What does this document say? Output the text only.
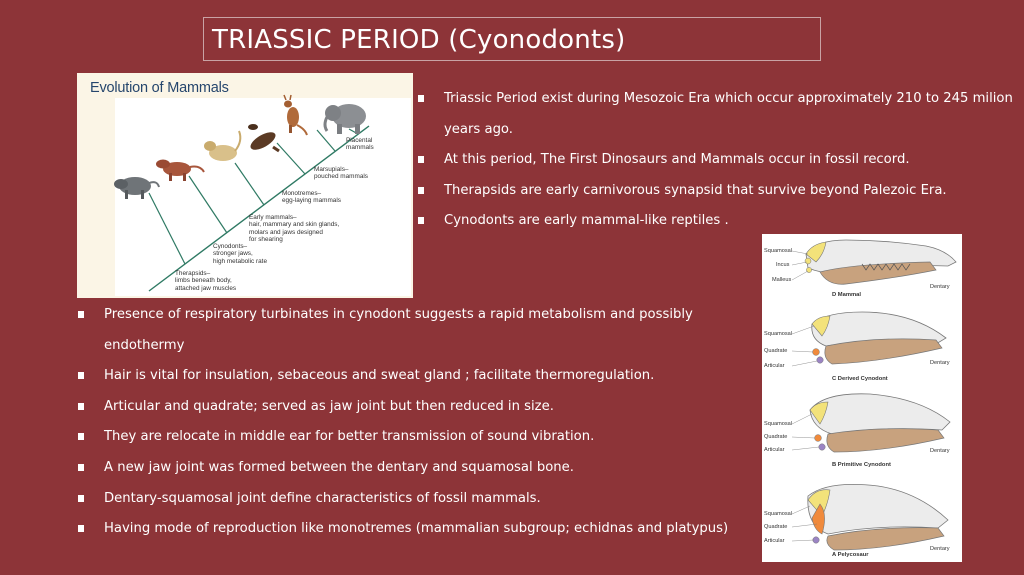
TRIASSIC PERIOD (Cyonodonts)
Evolution of Mammals
Placental
mammals
Marsupials–
pouched mammals
Monotremes–
egg-laying mammals
Early mammals–
hair, mammary and skin glands,
molars and jaws designed
for shearing
Cynodonts–
stronger jaws,
high metabolic rate
Therapsids–
limbs beneath body,
attached jaw muscles
Triassic Period exist during Mesozoic Era which occur approximately 210 to 245 milion years ago.
At this period, The First Dinosaurs and Mammals occur in fossil record.
Therapsids are early carnivorous synapsid that survive beyond Palezoic Era.
Cynodonts are early mammal-like reptiles .
Presence of respiratory turbinates in cynodont suggests a rapid metabolism and possibly endothermy
Hair is vital for insulation, sebaceous and sweat gland ; facilitate thermoregulation.
Articular and quadrate; served as jaw joint but then reduced in size.
They are relocate in middle ear for better transmission of sound vibration.
A new jaw joint was formed between the dentary and squamosal bone.
Dentary-squamosal joint define characteristics of fossil mammals.
Having mode of reproduction like monotremes (mammalian subgroup; echidnas and platypus)
Squamosal
Incus
Malleus
Dentary
D Mammal
Squamosal
Quadrate
Articular	Dentary
C Derived Cynodont
Squamosal
Quadrate
Articular	Dentary
B Primitive Cynodont
Squamosal
Quadrate
Articular
Dentary
A Pelycosaur
